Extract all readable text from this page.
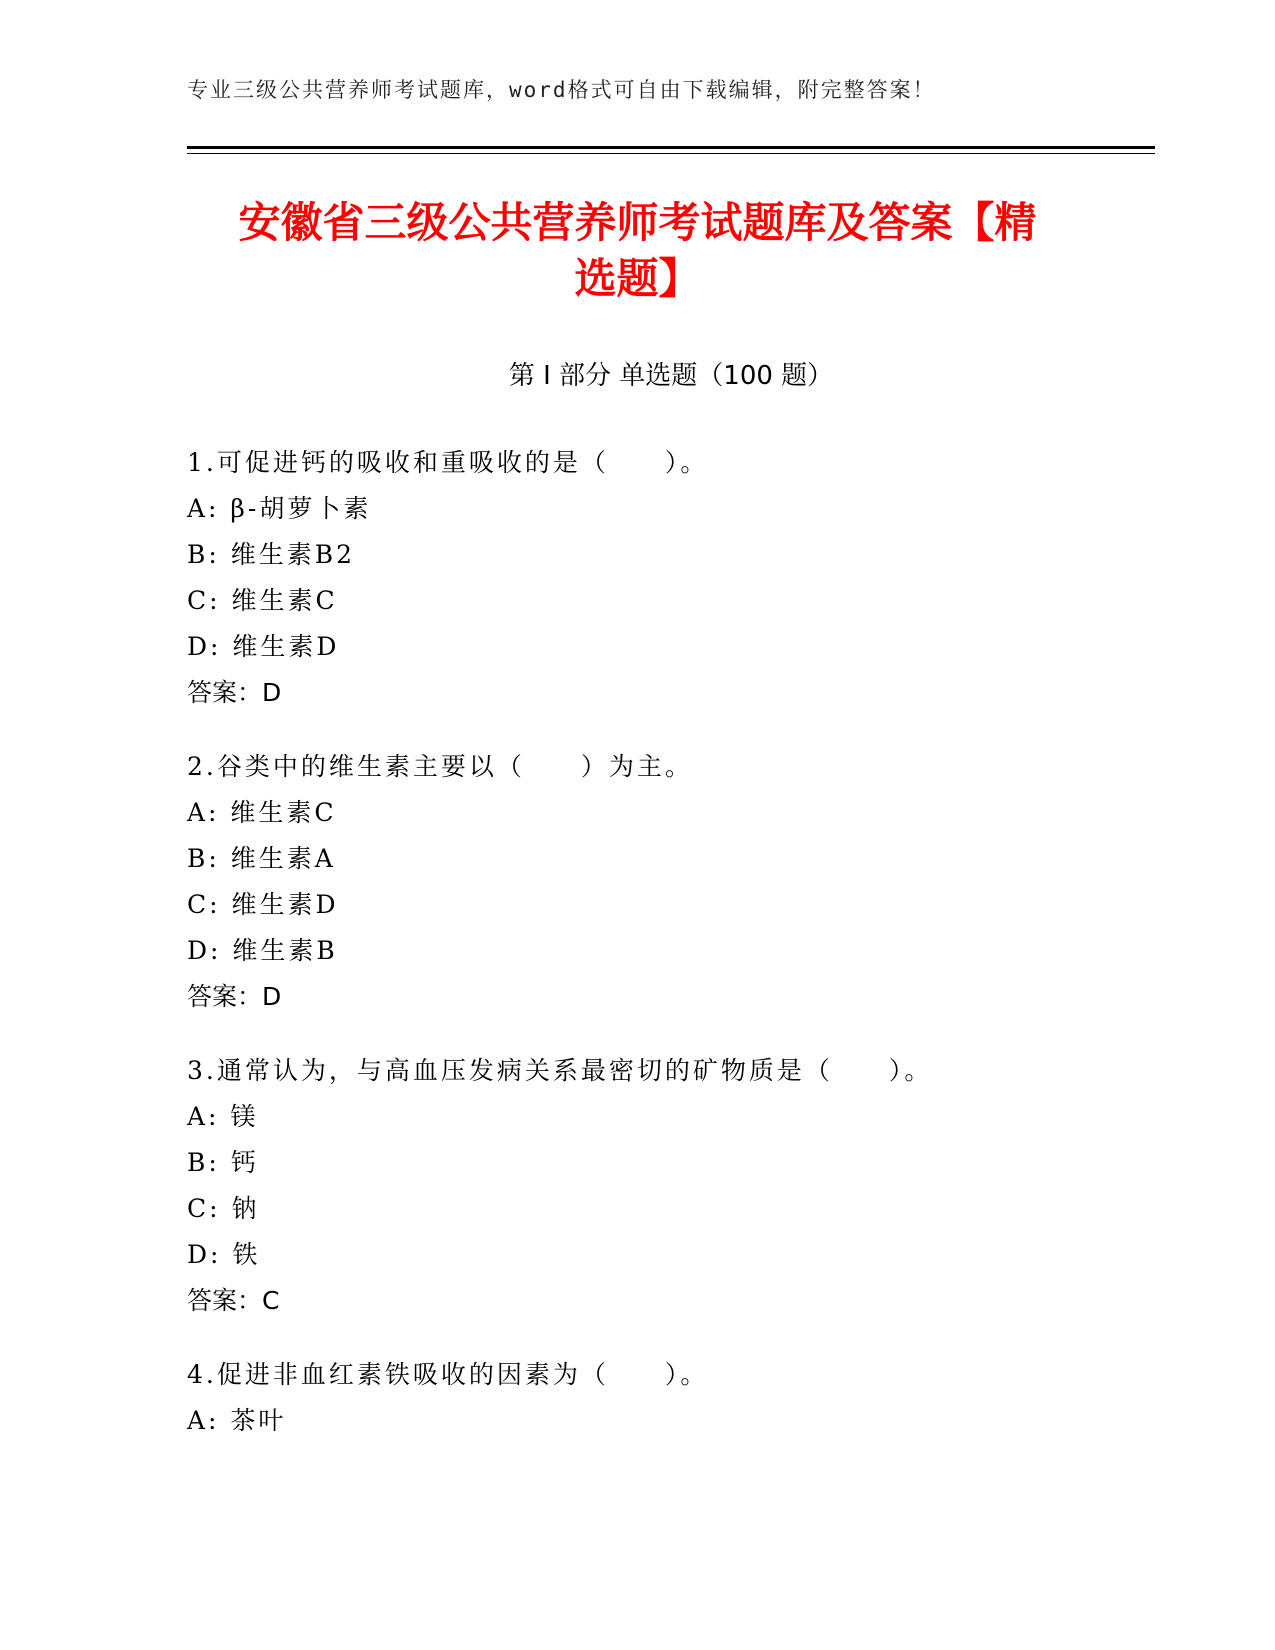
专业三级公共营养师考试题库，word格式可自由下载编辑，附完整答案！
安徽省三级公共营养师考试题库及答案【精
选题】
第 I 部分 单选题（100 题）
1.可促进钙的吸收和重吸收的是（　　）。
A: β-胡萝卜素
B: 维生素B2
C: 维生素C
D: 维生素D
答案：D
2.谷类中的维生素主要以（　　）为主。
A: 维生素C
B: 维生素A
C: 维生素D
D: 维生素B
答案：D
3.通常认为，与高血压发病关系最密切的矿物质是（　　）。
A: 镁
B: 钙
C: 钠
D: 铁
答案：C
4.促进非血红素铁吸收的因素为（　　）。
A: 茶叶
